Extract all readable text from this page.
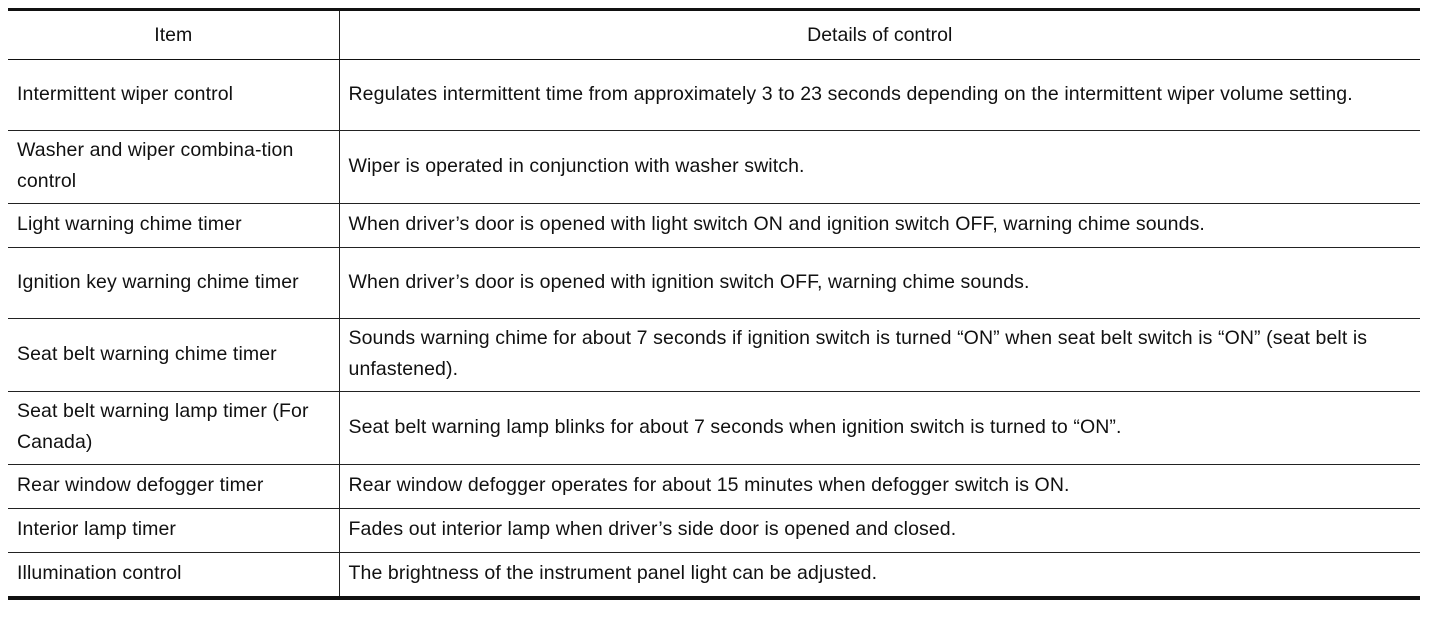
Item	Details of control
Intermittent wiper control	Regulates intermittent time from approximately 3 to 23 seconds depending on the intermittent wiper volume setting.
Washer and wiper combina-tion control	Wiper is operated in conjunction with washer switch.
Light warning chime timer	When driver’s door is opened with light switch ON and ignition switch OFF, warning chime sounds.
Ignition key warning chime timer	When driver’s door is opened with ignition switch OFF, warning chime sounds.
Seat belt warning chime timer	Sounds warning chime for about 7 seconds if ignition switch is turned “ON” when seat belt switch is “ON” (seat belt is unfastened).
Seat belt warning lamp timer (For Canada)	Seat belt warning lamp blinks for about 7 seconds when ignition switch is turned to “ON”.
Rear window defogger timer	Rear window defogger operates for about 15 minutes when defogger switch is ON.
Interior lamp timer	Fades out interior lamp when driver’s side door is opened and closed.
Illumination control	The brightness of the instrument panel light can be adjusted.
